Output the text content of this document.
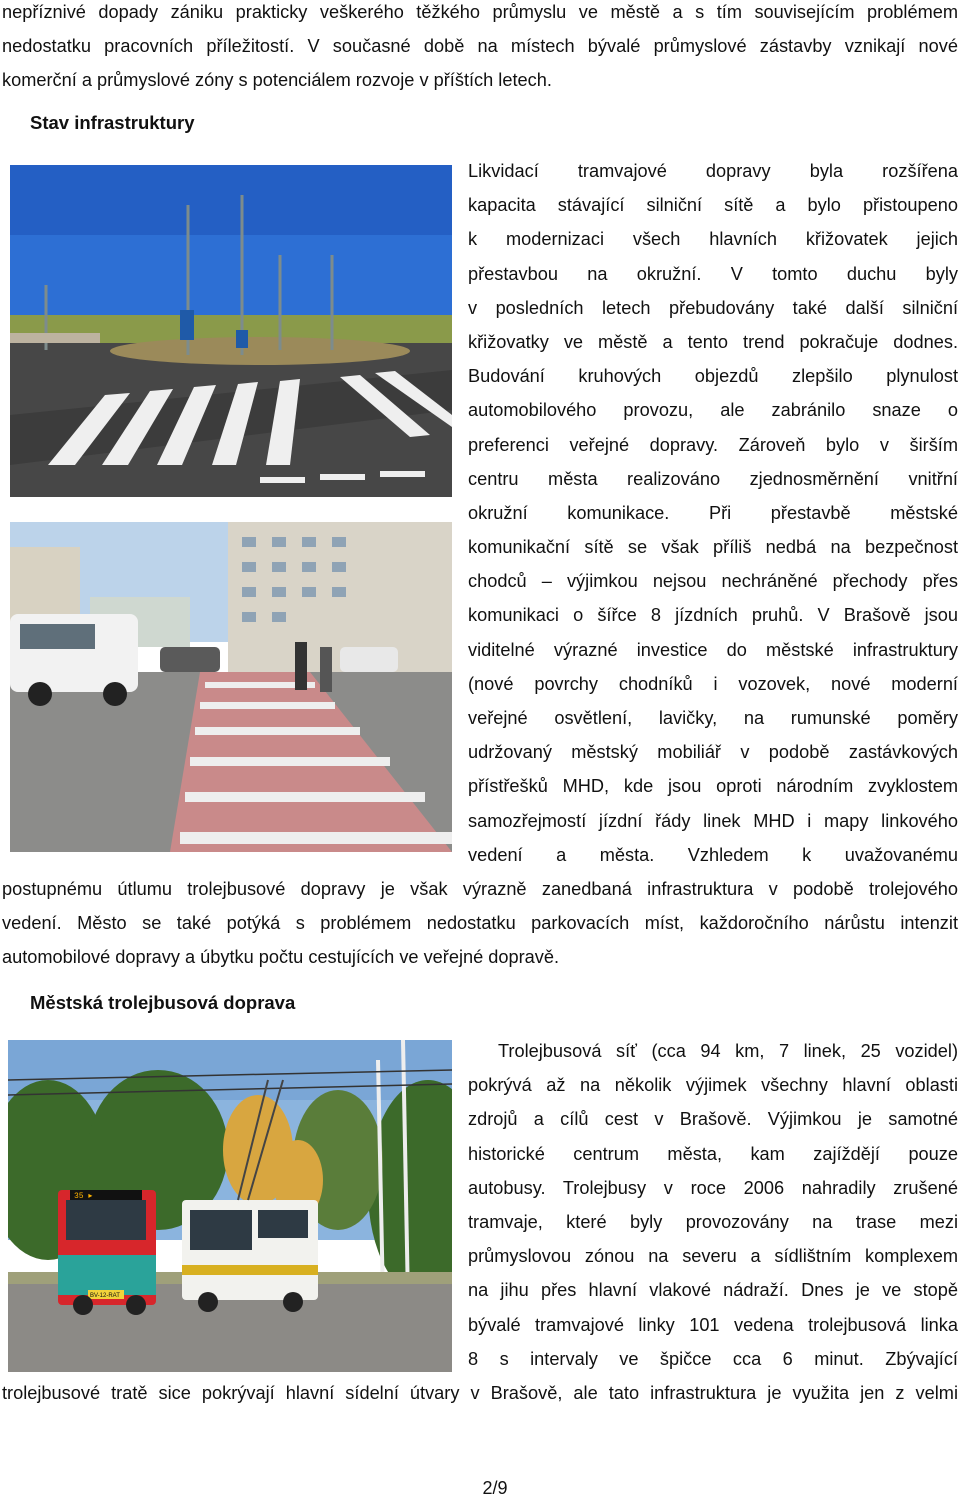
nepříznivé dopady zániku prakticky veškerého těžkého průmyslu ve městě a s tím souvisejícím problémem
nedostatku pracovních příležitostí. V současné době na místech bývalé průmyslové zástavby vznikají nové
komerční a průmyslové zóny s potenciálem rozvoje v příštích letech.
Stav infrastruktury
Likvidací tramvajové dopravy byla rozšířena
kapacita stávající silniční sítě a bylo přistoupeno
k modernizaci všech hlavních křižovatek jejich
přestavbou na okružní. V tomto duchu byly
v posledních letech přebudovány také další silniční
křižovatky ve městě a tento trend pokračuje dodnes.
Budování kruhových objezdů zlepšilo plynulost
automobilového provozu, ale zabránilo snaze o
preferenci veřejné dopravy. Zároveň bylo v širším
centru města realizováno zjednosměrnění vnitřní
okružní komunikace. Při přestavbě městské
komunikační sítě se však příliš nedbá na bezpečnost
chodců – výjimkou nejsou nechráněné přechody přes
komunikaci o šířce 8 jízdních pruhů. V Brašově jsou
viditelné výrazné investice do městské infrastruktury
(nové povrchy chodníků i vozovek, nové moderní
veřejné osvětlení, lavičky, na rumunské poměry
udržovaný městský mobiliář v podobě zastávkových
přístřešků MHD, kde jsou oproti národním zvyklostem
samozřejmostí jízdní řády linek MHD i mapy linkového
vedení a města. Vzhledem k uvažovanému
postupnému útlumu trolejbusové dopravy je však výrazně zanedbaná infrastruktura v podobě trolejového
vedení. Město se také potýká s problémem nedostatku parkovacích míst, každoročního nárůstu intenzit
automobilové dopravy a úbytku počtu cestujících ve veřejné dopravě.
Městská trolejbusová doprava
35 ▸
BV-12-RAT
Trolejbusová síť (cca 94 km, 7 linek, 25 vozidel)
pokrývá až na několik výjimek všechny hlavní oblasti
zdrojů a cílů cest v Brašově. Výjimkou je samotné
historické centrum města, kam zajíždějí pouze
autobusy. Trolejbusy v roce 2006 nahradily zrušené
tramvaje, které byly provozovány na trase mezi
průmyslovou zónou na severu a sídlištním komplexem
na jihu přes hlavní vlakové nádraží. Dnes je ve stopě
bývalé tramvajové linky 101 vedena trolejbusová linka
8 s intervaly ve špičce cca 6 minut. Zbývající
trolejbusové tratě sice pokrývají hlavní sídelní útvary v Brašově, ale tato infrastruktura je využita jen z velmi
2/9
